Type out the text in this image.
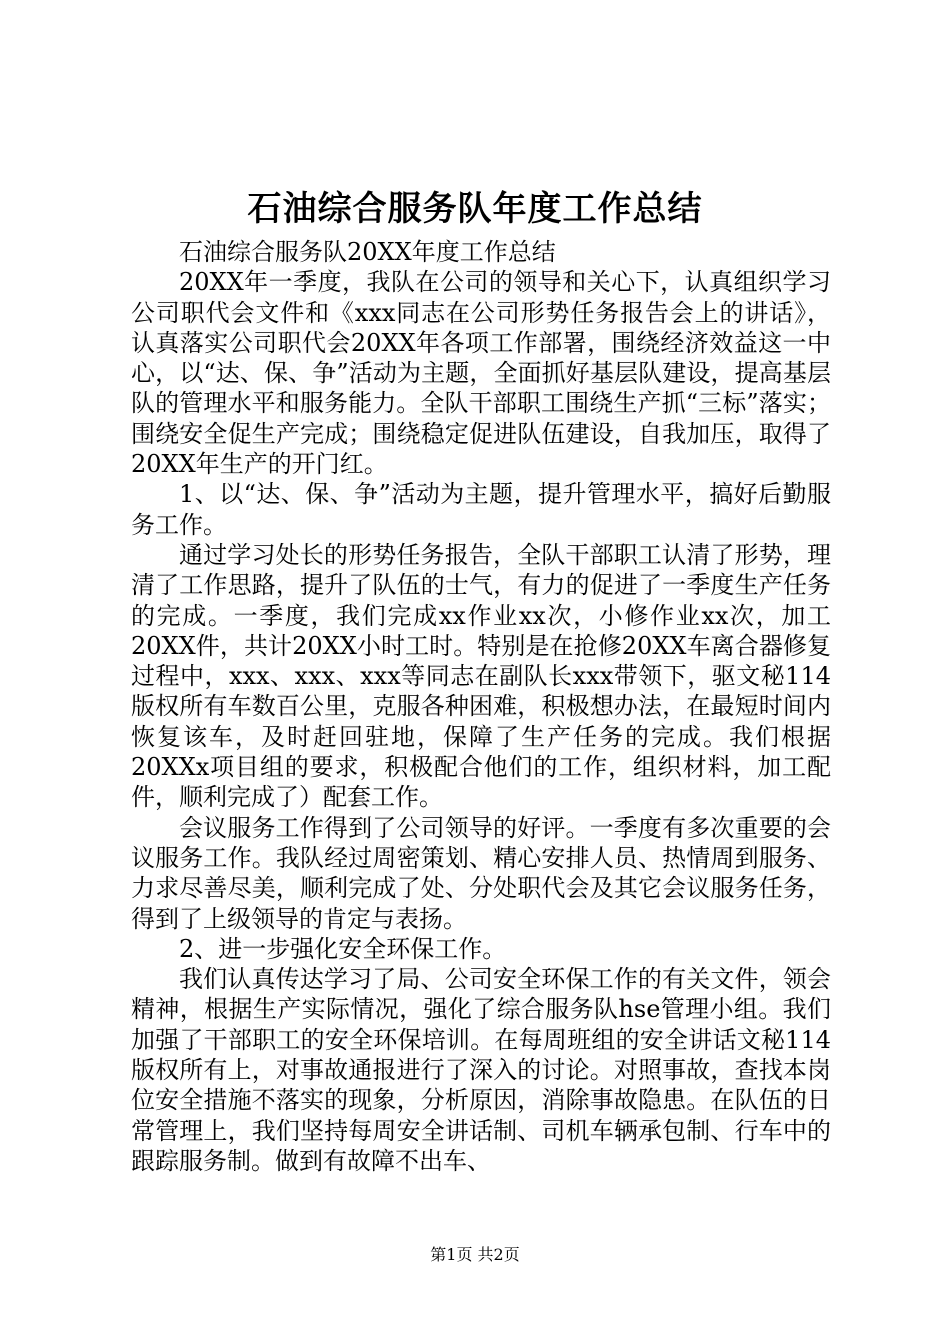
石油综合服务队年度工作总结

石油综合服务队20XX年度工作总结

20XX年一季度，我队在公司的领导和关心下，认真组织学习公司职代会文件和《xxx同志在公司形势任务报告会上的讲话》，认真落实公司职代会20XX年各项工作部署，围绕经济效益这一中心，以“达、保、争”活动为主题，全面抓好基层队建设，提高基层队的管理水平和服务能力。全队干部职工围绕生产抓“三标”落实；围绕安全促生产完成；围绕稳定促进队伍建设，自我加压，取得了20XX年生产的开门红。

1、以“达、保、争”活动为主题，提升管理水平，搞好后勤服务工作。

通过学习处长的形势任务报告，全队干部职工认清了形势，理清了工作思路，提升了队伍的士气，有力的促进了一季度生产任务的完成。一季度，我们完成xx作业xx次，小修作业xx次，加工20XX件，共计20XX小时工时。特别是在抢修20XX车离合器修复过程中，xxx、xxx、xxx等同志在副队长xxx带领下，驱文秘114版权所有车数百公里，克服各种困难，积极想办法，在最短时间内恢复该车，及时赶回驻地，保障了生产任务的完成。我们根据20XXx项目组的要求，积极配合他们的工作，组织材料，加工配件，顺利完成了）配套工作。

会议服务工作得到了公司领导的好评。一季度有多次重要的会议服务工作。我队经过周密策划、精心安排人员、热情周到服务、力求尽善尽美，顺利完成了处、分处职代会及其它会议服务任务，得到了上级领导的肯定与表扬。

2、进一步强化安全环保工作。

我们认真传达学习了局、公司安全环保工作的有关文件，领会精神，根据生产实际情况，强化了综合服务队hse管理小组。我们加强了干部职工的安全环保培训。在每周班组的安全讲话文秘114版权所有上，对事故通报进行了深入的讨论。对照事故，查找本岗位安全措施不落实的现象，分析原因，消除事故隐患。在队伍的日常管理上，我们坚持每周安全讲话制、司机车辆承包制、行车中的跟踪服务制。做到有故障不出车、

第1页 共2页
